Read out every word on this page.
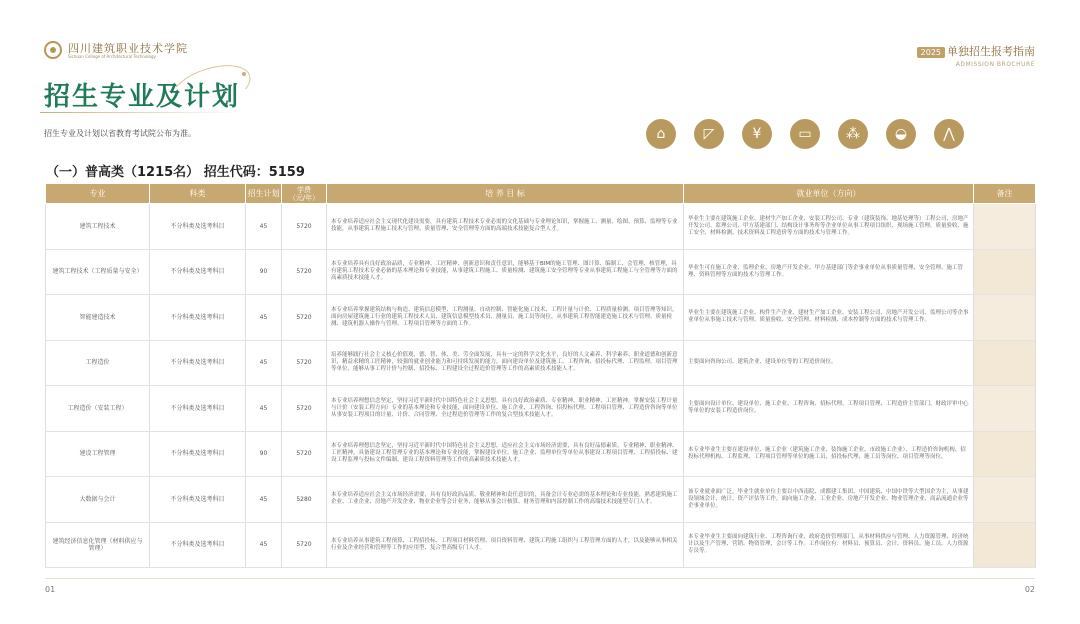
四川建筑职业技术学院
Sichuan College of Architectural Technology	2025 单独招生报考指南
ADMISSION BROCHURE
招生专业及计划
招生专业及计划以省教育考试院公布为准。	⌂	◸	¥	▭	⁂	◒	⋀
（一）普高类（1215名） 招生代码：5159
专业	科类	招生计划	学费
（元/年）	培 养 目 标	就业单位（方向）	备注
建筑工程技术	不分科类及选考科目	45	5720	本专业培养适应社会主义现代化建设需要，具有建筑工程技术专业必需的文化基础与专业理论知识，掌握施工、测量、绘图、预算、监理等专业技能，从事建筑工程施工技术与管理、质量管理、安全管理等方面的高端技术技能复合型人才。	毕业生主要在建筑施工企业、建材生产加工企业、安装工程公司、专业（建筑装饰、地基处理等）工程公司、房地产开发公司、监理公司、甲方基建部门、结构设计事务所等企业单位从事工程项目组织、现场施工管理、质量验收、施工安全、材料检测、技术资料及工程造价等方面的技术与管理工作。	
建筑工程技术（工程质量与安全）	不分科类及选考科目	90	5720	本专业培养具有良好政治品质，专业精神、工匠精神、创新意识和责任意识，能够基于BIM的施工管理、图计算、编制工、会管理、核管理，具有建筑工程技术专业必备的基本理论和专业技能，从事建筑工程施工、质量检测、建筑施工安全管理等专业从事建筑工程施工与全管理等方面的高素质技术技能人才。	毕业生可在施工企业、监理企业、房地产开发企业、甲方基建部门等企事业单位从事质量管理、安全管理、施工管理、资料管理等方面的技术与管理工作。	
智能建造技术	不分科类及选考科目	45	5720	本专业培养掌握建筑结构与构造、建筑信息模型、工程测量、自动控制、智能化施工技术、工程计量与计价、工程质量检测、项目管理等知识，面向房屋建筑施工行业的建筑工程技术人员、建筑信息模型技术员、测量员、施工员等岗位，从事建筑工程智能建造施工技术与管理、质量检测、建筑机器人操作与管理、工程项目管理等方面的工作。	毕业生主要在建筑施工企业、构件生产企业、建材生产加工企业、安装工程公司、房地产开发公司、监理公司等企事业单位从事施工技术与管理、质量验收、安全管理、材料检测、成本控制等方面的技术与管理工作。	
工程造价	不分科类及选考科目	45	5720	培养能够践行社会主义核心价值观，德、智、体、美、劳全面发展，具有一定的科学文化水平，良好的人文素养、科学素养、职业道德和创新意识，精益求精的工匠精神，较强的就业创业能力和可持续发展的能力，面向建设单位及建筑施工、工程咨询、招投标代理、工程监理、项目管理等单位，能够从事工程计价与控制、招投标、工程建设全过程造价管理等工作的高素质技术技能人才。	主要面向咨询公司、建筑企业、建设单位等的工程造价岗位。	
工程造价（安装工程）	不分科类及选考科目	45	5720	本专业培养理想信念坚定，坚持习近平新时代中国特色社会主义思想，具有良好政治素质、专业精神、职业精神、工匠精神，掌握安装工程计量与计价（安装工程方向）专业的基本理论和专业技能，面向建设单位、施工企业、工程咨询、招投标代理、工程项目管理、工程造价咨询等单位从事安装工程项目的计量、计价、合同管理、全过程造价管理等工作的复合型技术技能人才。	主要面向设计单位、建设单位、施工企业、工程咨询、招标代理、工程项目管理、工程造价主管部门、财政评审中心等单位的安装工程造价岗位。	
建设工程管理	不分科类及选考科目	90	5720	本专业培养理想信念坚定，坚持习近平新时代中国特色社会主义思想，适应社会主义市场经济需要，具有良好品德素质、专业精神、职业精神、工匠精神，具备建设工程管理专业的基本理论和专业技能，掌握建设单位、施工企业、监理单位等单位从事建设工程项目管理、工程招投标、建设工程监理与投标文件编制、建设工程资料管理等工作的高素质技术技能人才。	本专业毕业生主要在建设单位、施工企业（建筑施工企业、装饰施工企业、市政施工企业）、工程造价咨询机构、招投标代理机构、工程监理、工程项目管理等单位的施工员、招投标代理、施工员等岗位、项目管理等岗位。	
大数据与会计	不分科类及选考科目	45	5280	本专业培养适应社会主义市场经济需要，具有良好政治品质、敬业精神和责任意识的，具备会计专业必需的基本理论和专业技能，熟悉建筑施工企业、工业企业、房地产开发企业、物业企业等会计业务，能够从事会计核算、财务管理和内部控制工作的高端技术技能型专门人才。	该专业就业面广泛，毕业生就业单位主要以中西南院、成都建工集团、中国建筑、中国中铁等大型国企为主，从事建设领域会计、统计、资产评估等工作，面向施工企业、工业企业、房地产开发企业、物业管理企业、商品流通企业等企事业单位。	
建筑经济信息化管理（材料供应与管理）	不分科类及选考科目	45	5720	本专业培养从事建筑工程预算、工程招投标、工程项目材料管理、项目资料管理、建筑工程施工组织与工程管理方面的人才，以及能够从事相关行业及企业经营和管理等工作的应用型、复合型高级专门人才。	本专业毕业生主要面向建筑行业、工程咨询行业、政府造价管理部门，从事材料供应与管理、人力资源管理、经济统计以及生产管理、营销、物资管理、会计等工作。工作岗位有：材料员、预算员、会计、资料员、施工员、人力资源专员等。	
01	02
